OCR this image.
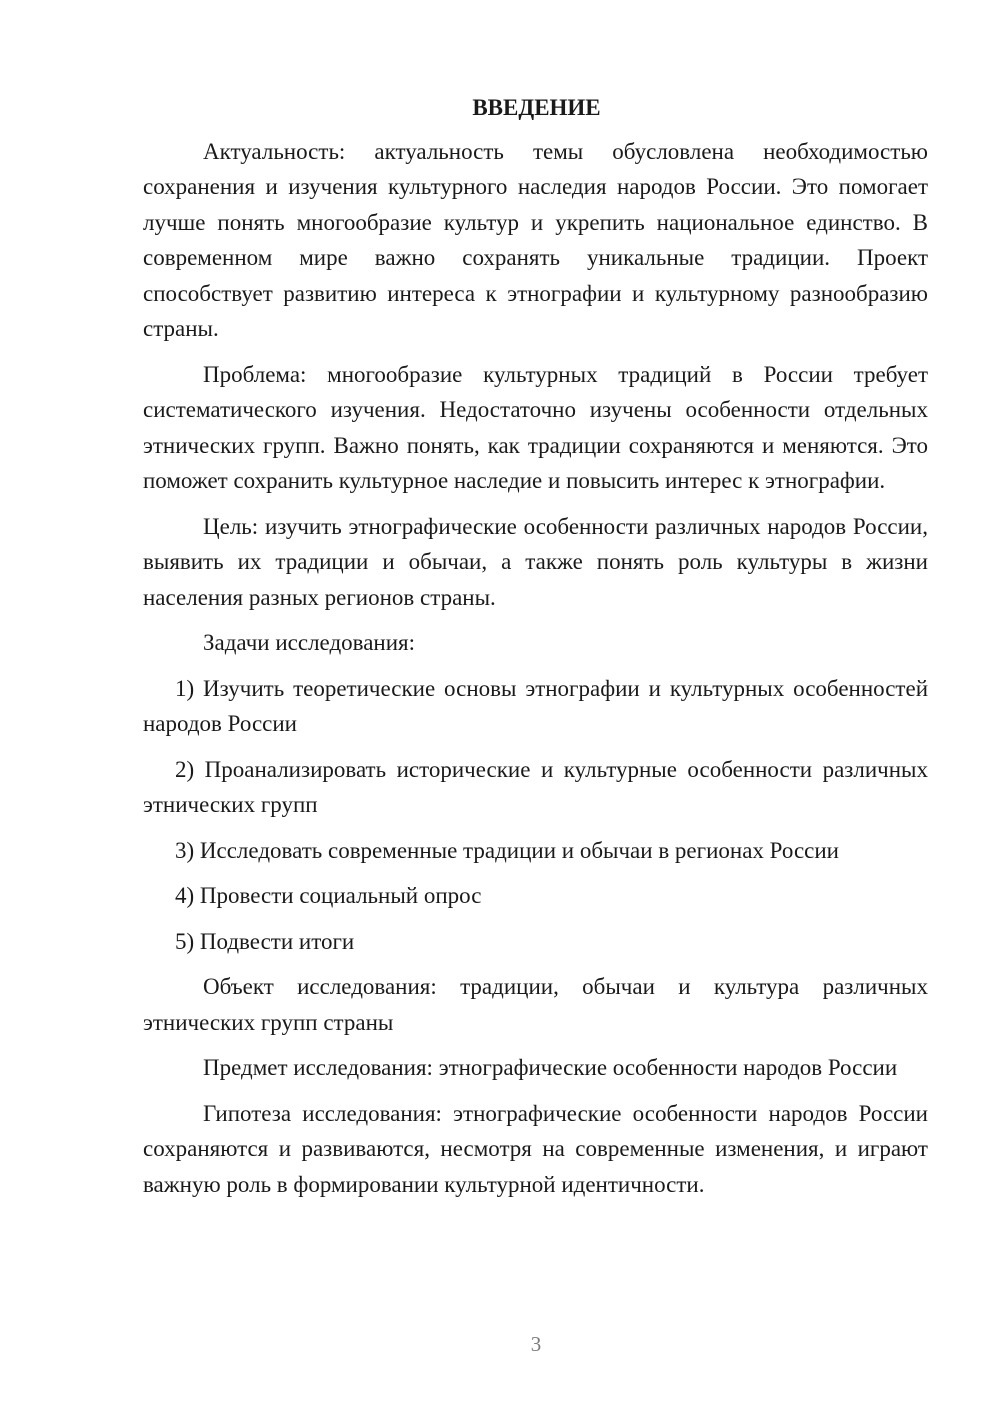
ВВЕДЕНИЕ

Актуальность: актуальность темы обусловлена необходимостью сохранения и изучения культурного наследия народов России. Это помогает лучше понять многообразие культур и укрепить национальное единство. В современном мире важно сохранять уникальные традиции. Проект способствует развитию интереса к этнографии и культурному разнообразию страны.

Проблема: многообразие культурных традиций в России требует систематического изучения. Недостаточно изучены особенности отдельных этнических групп. Важно понять, как традиции сохраняются и меняются. Это поможет сохранить культурное наследие и повысить интерес к этнографии.

Цель: изучить этнографические особенности различных народов России, выявить их традиции и обычаи, а также понять роль культуры в жизни населения разных регионов страны.

Задачи исследования:

1) Изучить теоретические основы этнографии и культурных особенностей народов России

2) Проанализировать исторические и культурные особенности различных этнических групп

3) Исследовать современные традиции и обычаи в регионах России

4) Провести социальный опрос

5) Подвести итоги

Объект исследования: традиции, обычаи и культура различных этнических групп страны

Предмет исследования: этнографические особенности народов России

Гипотеза исследования: этнографические особенности народов России сохраняются и развиваются, несмотря на современные изменения, и играют важную роль в формировании культурной идентичности.

3
